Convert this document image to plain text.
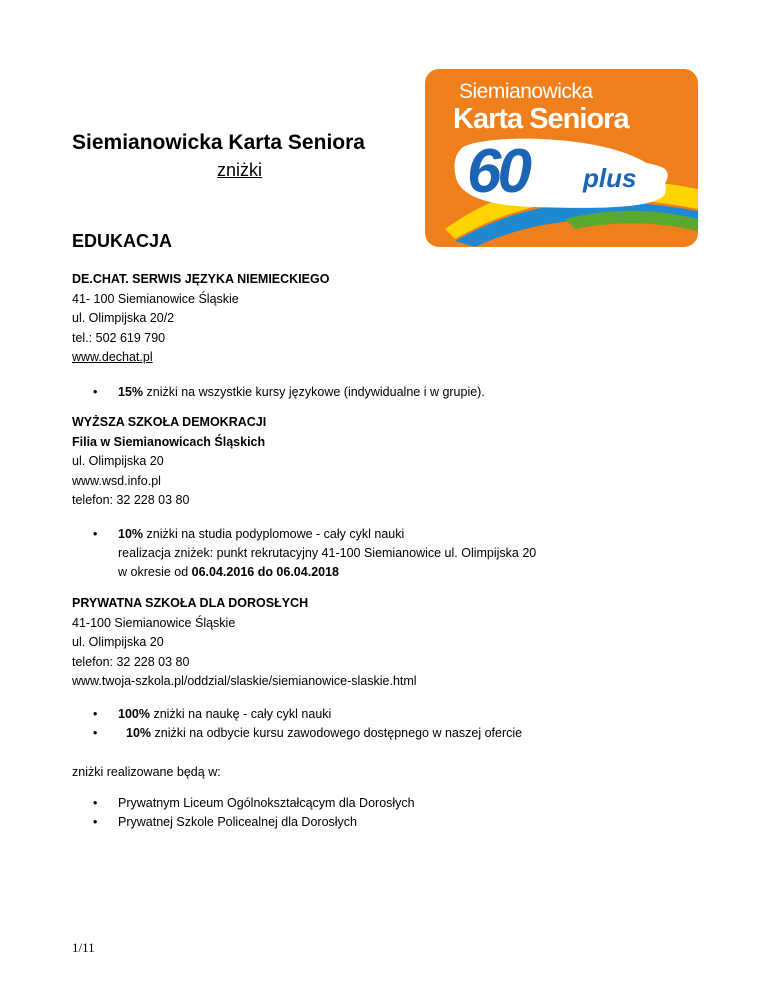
Siemianowicka Karta Seniora
zniżki
Siemianowicka
Karta Seniora
60 plus
EDUKACJA
DE.CHAT. SERWIS JĘZYKA NIEMIECKIEGO
41- 100 Siemianowice Śląskie
ul. Olimpijska 20/2
tel.: 502 619 790
www.dechat.pl
• 15% zniżki na wszystkie kursy językowe (indywidualne i w grupie).
WYŻSZA SZKOŁA DEMOKRACJI
Filia w Siemianowicach Śląskich
ul. Olimpijska 20
www.wsd.info.pl
telefon: 32 228 03 80
• 10% zniżki na studia podyplomowe - cały cykl nauki
realizacja zniżek: punkt rekrutacyjny 41-100 Siemianowice ul. Olimpijska 20
w okresie od 06.04.2016 do 06.04.2018
PRYWATNA SZKOŁA DLA DOROSŁYCH
41-100 Siemianowice Śląskie
ul. Olimpijska 20
telefon: 32 228 03 80
www.twoja-szkola.pl/oddzial/slaskie/siemianowice-slaskie.html
• 100% zniżki na naukę - cały cykl nauki
• 10% zniżki na odbycie kursu zawodowego dostępnego w naszej ofercie
zniżki realizowane będą w:
• Prywatnym Liceum Ogólnokształcącym dla Dorosłych
• Prywatnej Szkole Policealnej dla Dorosłych
1/11
